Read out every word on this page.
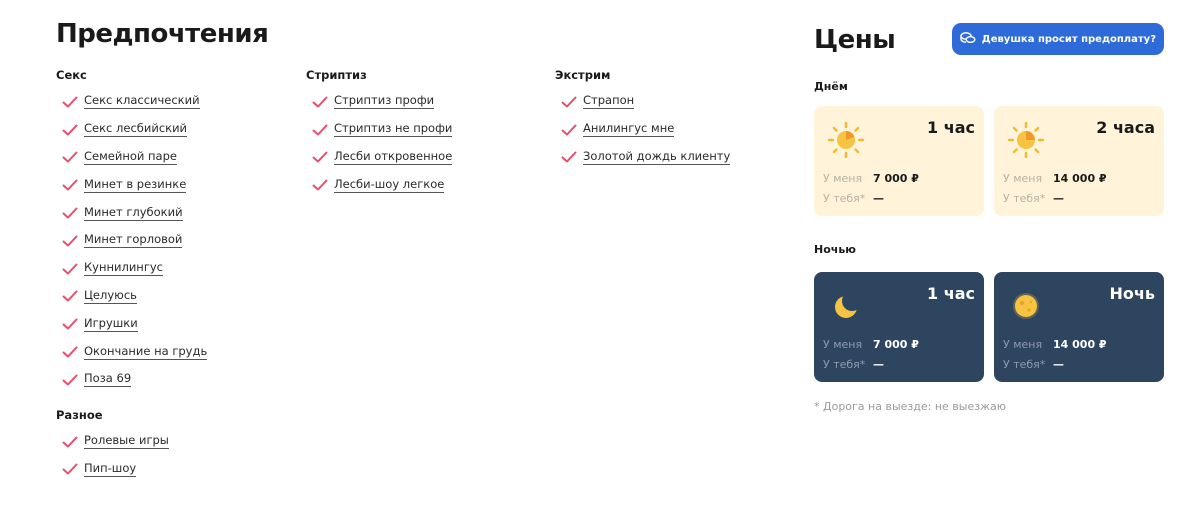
Предпочтения
Секс
Секс классический
Секс лесбийский
Семейной паре
Минет в резинке
Минет глубокий
Минет горловой
Куннилингус
Целуюсь
Игрушки
Окончание на грудь
Поза 69
Разное
Ролевые игры
Пип-шоу
Стриптиз
Стриптиз профи
Стриптиз не профи
Лесби откровенное
Лесби-шоу легкое
Экстрим
Страпон
Анилингус мне
Золотой дождь клиенту
Цены	Девушка просит предоплату?
Днём
1 час
У меня 7 000 ₽
У тебя* —
2 часа
У меня 14 000 ₽
У тебя* —
Ночью
1 час
У меня 7 000 ₽
У тебя* —
Ночь
У меня 14 000 ₽
У тебя* —
* Дорога на выезде: не выезжаю
